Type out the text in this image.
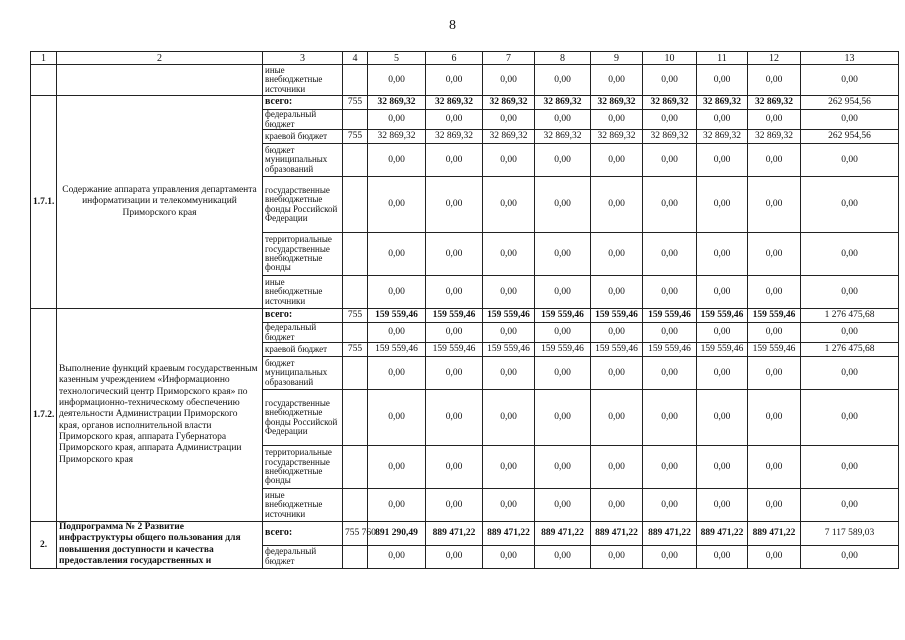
8
1	2	3	4	5	6	7	8	9	10	11	12	13
		иные внебюджетные источники		0,00	0,00	0,00	0,00	0,00	0,00	0,00	0,00	0,00
1.7.1.	Содержание аппарата управления департамента информатизации и телекоммуникаций Приморского края	всего:	755	32 869,32	32 869,32	32 869,32	32 869,32	32 869,32	32 869,32	32 869,32	32 869,32	262 954,56
		федеральный бюджет		0,00	0,00	0,00	0,00	0,00	0,00	0,00	0,00	0,00
		краевой бюджет	755	32 869,32	32 869,32	32 869,32	32 869,32	32 869,32	32 869,32	32 869,32	32 869,32	262 954,56
		бюджет муниципальных образований		0,00	0,00	0,00	0,00	0,00	0,00	0,00	0,00	0,00
		государственные внебюджетные фонды Российской Федерации		0,00	0,00	0,00	0,00	0,00	0,00	0,00	0,00	0,00
		территориальные государственные внебюджетные фонды		0,00	0,00	0,00	0,00	0,00	0,00	0,00	0,00	0,00
		иные внебюджетные источники		0,00	0,00	0,00	0,00	0,00	0,00	0,00	0,00	0,00
1.7.2.	Выполнение функций краевым государственным казенным учреждением «Информационно технологический центр Приморского края» по информационно-техническому обеспечению деятельности Администрации Приморского края, органов исполнительной власти Приморского края, аппарата Губернатора Приморского края, аппарата Администрации Приморского края	всего:	755	159 559,46	159 559,46	159 559,46	159 559,46	159 559,46	159 559,46	159 559,46	159 559,46	1 276 475,68
		федеральный бюджет		0,00	0,00	0,00	0,00	0,00	0,00	0,00	0,00	0,00
		краевой бюджет	755	159 559,46	159 559,46	159 559,46	159 559,46	159 559,46	159 559,46	159 559,46	159 559,46	1 276 475,68
		бюджет муниципальных образований		0,00	0,00	0,00	0,00	0,00	0,00	0,00	0,00	0,00
		государственные внебюджетные фонды Российской Федерации		0,00	0,00	0,00	0,00	0,00	0,00	0,00	0,00	0,00
		территориальные государственные внебюджетные фонды		0,00	0,00	0,00	0,00	0,00	0,00	0,00	0,00	0,00
		иные внебюджетные источники		0,00	0,00	0,00	0,00	0,00	0,00	0,00	0,00	0,00
2.	Подпрограмма № 2 Развитие инфраструктуры общего пользования для повышения доступности и качества предоставления государственных и	всего:	755 760	891 290,49	889 471,22	889 471,22	889 471,22	889 471,22	889 471,22	889 471,22	889 471,22	7 117 589,03
		федеральный бюджет		0,00	0,00	0,00	0,00	0,00	0,00	0,00	0,00	0,00
